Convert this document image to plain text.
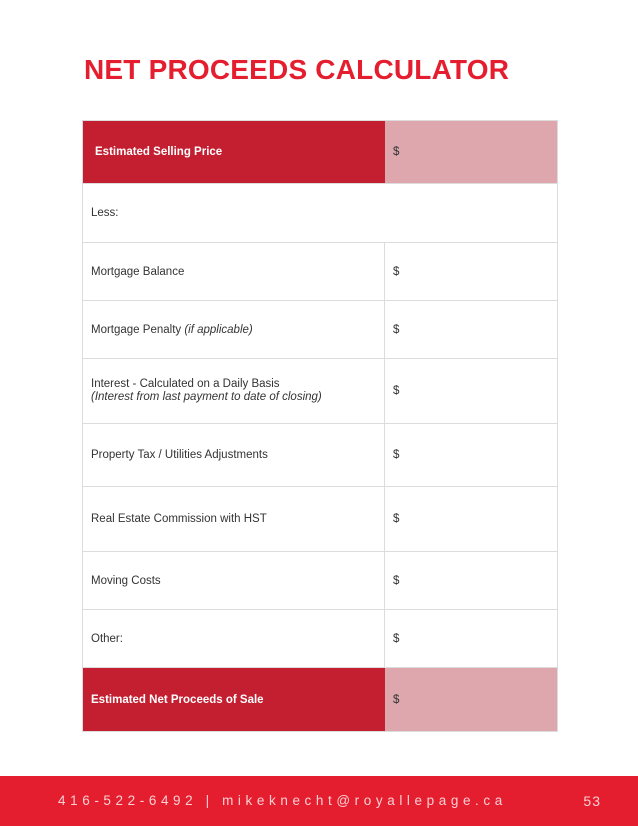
NET PROCEEDS CALCULATOR
Estimated Selling Price	$
Less:
Mortgage Balance	$
Mortgage Penalty
(if applicable)	$
Interest - Calculated on a Daily Basis
(Interest from last payment to date of closing)	$
Property Tax / Utilities Adjustments	$
Real Estate Commission with HST	$
Moving Costs	$
Other:	$
Estimated Net Proceeds of Sale	$
416-522-6492 | mikeknecht@royallepage.ca	53
